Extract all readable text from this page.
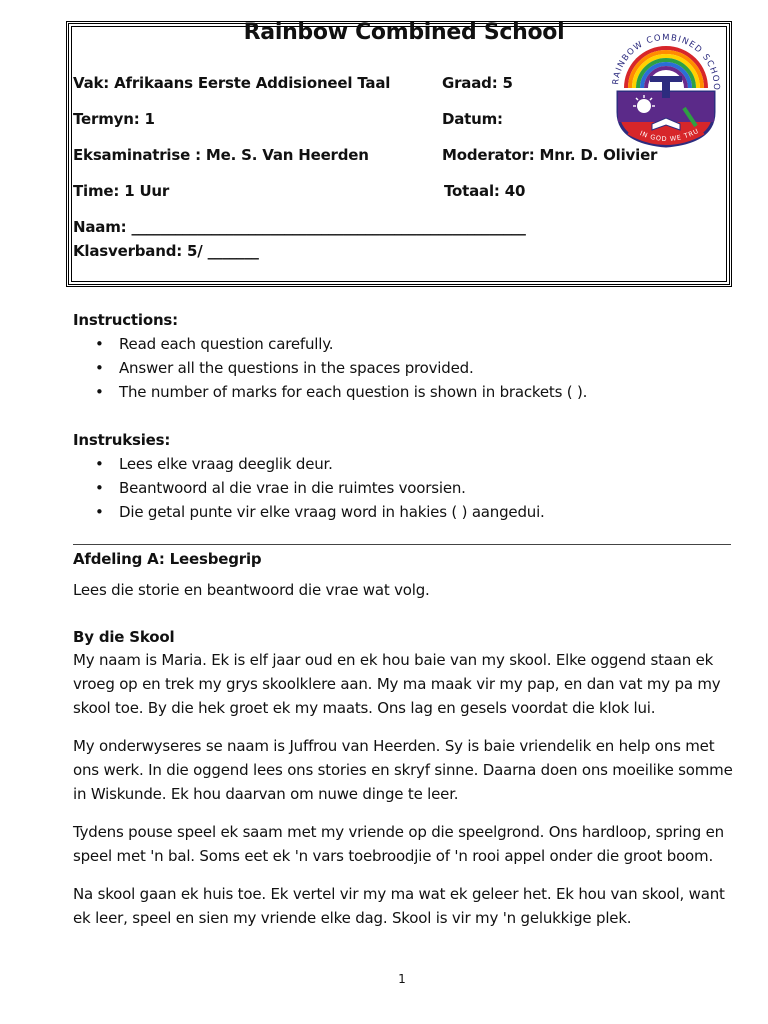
Rainbow Combined School
Vak: Afrikaans Eerste Addisioneel Taal	Graad: 5
Termyn: 1	Datum:
Eksaminatrise : Me. S. Van Heerden	Moderator: Mnr. D. Olivier
Time: 1 Uur	Totaal: 40
Naam: ______________________________________________________
Klasverband: 5/ _______
RAINBOW COMBINED SCHOO
IN GOD WE TRU
Instructions:
• Read each question carefully.
• Answer all the questions in the spaces provided.
• The number of marks for each question is shown in brackets ( ).
Instruksies:
• Lees elke vraag deeglik deur.
• Beantwoord al die vrae in die ruimtes voorsien.
• Die getal punte vir elke vraag word in hakies ( ) aangedui.
Afdeling A: Leesbegrip

Lees die storie en beantwoord die vrae wat volg.

By die Skool

My naam is Maria. Ek is elf jaar oud en ek hou baie van my skool. Elke oggend staan ek vroeg op en trek my grys skoolklere aan. My ma maak vir my pap, en dan vat my pa my skool toe. By die hek groet ek my maats. Ons lag en gesels voordat die klok lui.

My onderwyseres se naam is Juffrou van Heerden. Sy is baie vriendelik en help ons met ons werk. In die oggend lees ons stories en skryf sinne. Daarna doen ons moeilike somme in Wiskunde. Ek hou daarvan om nuwe dinge te leer.

Tydens pouse speel ek saam met my vriende op die speelgrond. Ons hardloop, spring en speel met 'n bal. Soms eet ek 'n vars toebroodjie of 'n rooi appel onder die groot boom.

Na skool gaan ek huis toe. Ek vertel vir my ma wat ek geleer het. Ek hou van skool, want ek leer, speel en sien my vriende elke dag. Skool is vir my 'n gelukkige plek.

1
